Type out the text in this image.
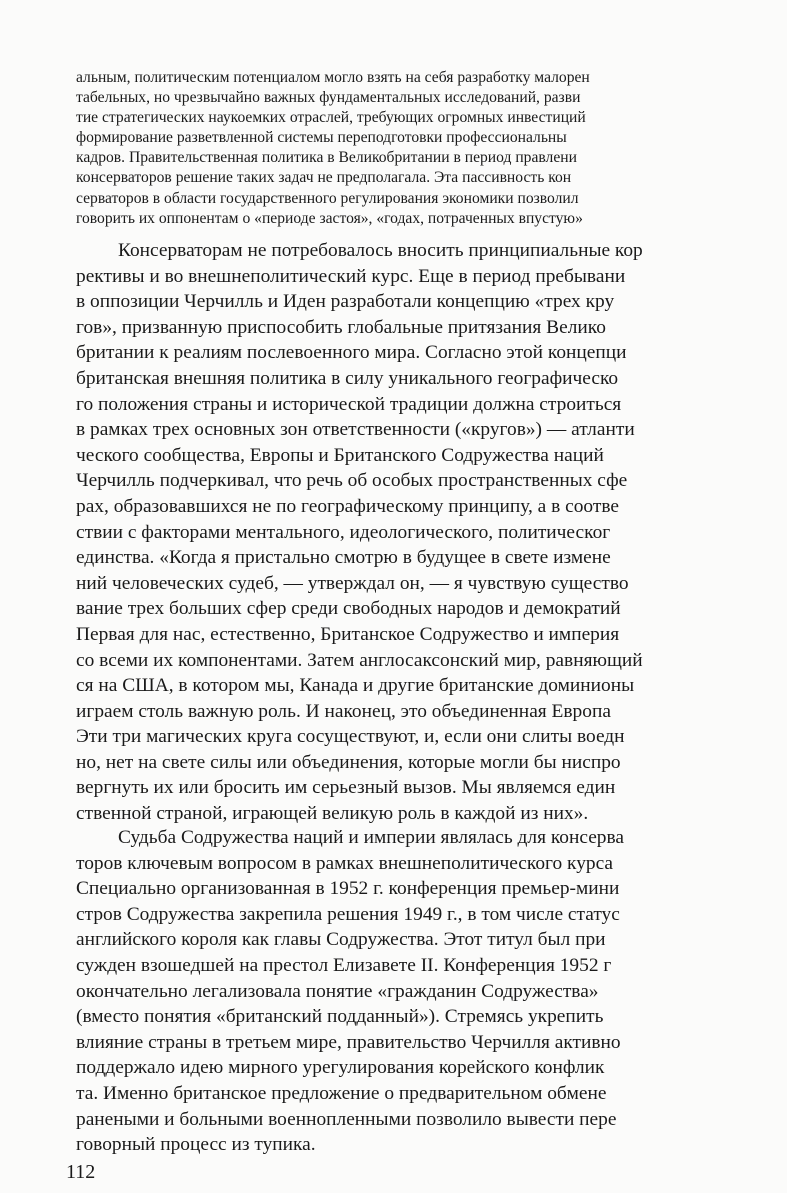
альным, политическим потенциалом могло взять на себя разработку малорен
табельных, но чрезвычайно важных фундаментальных исследований, разви
тие стратегических наукоемких отраслей, требующих огромных инвестиций
формирование разветвленной системы переподготовки профессиональны
кадров. Правительственная политика в Великобритании в период правлени
консерваторов решение таких задач не предполагала. Эта пассивность кон
серваторов в области государственного регулирования экономики позволил
говорить их оппонентам о «периоде застоя», «годах, потраченных впустую»
Консерваторам не потребовалось вносить принципиальные кор
рективы и во внешнеполитический курс. Еще в период пребывани
в оппозиции Черчилль и Иден разработали концепцию «трех кру
гов», призванную приспособить глобальные притязания Велико
британии к реалиям послевоенного мира. Согласно этой концепци
британская внешняя политика в силу уникального географическо
го положения страны и исторической традиции должна строиться
в рамках трех основных зон ответственности («кругов») — атланти
ческого сообщества, Европы и Британского Содружества наций
Черчилль подчеркивал, что речь об особых пространственных сфе
рах, образовавшихся не по географическому принципу, а в соотве
ствии с факторами ментального, идеологического, политическог
единства. «Когда я пристально смотрю в будущее в свете измене
ний человеческих судеб, — утверждал он, — я чувствую существо
вание трех больших сфер среди свободных народов и демократий
Первая для нас, естественно, Британское Содружество и империя
со всеми их компонентами. Затем англосаксонский мир, равняющий
ся на США, в котором мы, Канада и другие британские доминионы
играем столь важную роль. И наконец, это объединенная Европа
Эти три магических круга сосуществуют, и, если они слиты воедн
но, нет на свете силы или объединения, которые могли бы ниспро
вергнуть их или бросить им серьезный вызов. Мы являемся един
ственной страной, играющей великую роль в каждой из них».
Судьба Содружества наций и империи являлась для консерва
торов ключевым вопросом в рамках внешнеполитического курса
Специально организованная в 1952 г. конференция премьер-мини
стров Содружества закрепила решения 1949 г., в том числе статус
английского короля как главы Содружества. Этот титул был при
сужден взошедшей на престол Елизавете II. Конференция 1952 г
окончательно легализовала понятие «гражданин Содружества»
(вместо понятия «британский подданный»). Стремясь укрепить
влияние страны в третьем мире, правительство Черчилля активно
поддержало идею мирного урегулирования корейского конфлик
та. Именно британское предложение о предварительном обмене
ранеными и больными военнопленными позволило вывести пере
говорный процесс из тупика.
112
